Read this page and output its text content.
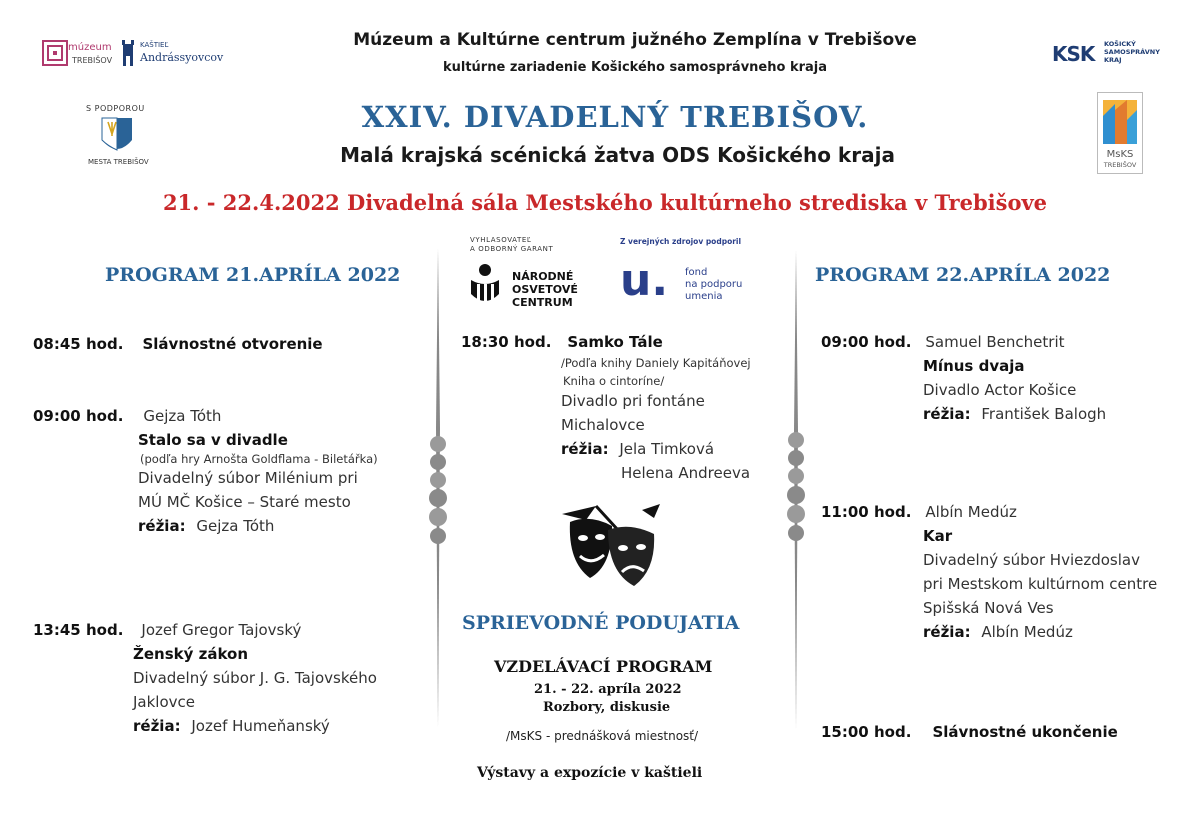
múzeum
TREBIŠOV
KAŠTIEĽ
Andrássyovcov
S PODPOROU
MESTA TREBIŠOV
Múzeum a Kultúrne centrum južného Zemplína v Trebišove
kultúrne zariadenie Košického samosprávneho kraja
XXIV. DIVADELNÝ TREBIŠOV.
Malá krajská scénická žatva ODS Košického kraja
21. - 22.4.2022 Divadelná sála Mestského kultúrneho strediska v Trebišove
KSK KOŠICKÝ
SAMOSPRÁVNY
KRAJ
MsKS
TREBIŠOV
VYHLASOVATEĽ
A ODBORNÝ GARANT
NÁRODNÉ
OSVETOVÉ
CENTRUM
Z verejných zdrojov podporil
u. fond
na podporu
umenia
PROGRAM 21.APRÍLA 2022
08:45 hod. Slávnostné otvorenie
09:00 hod. Gejza Tóth
Stalo sa v divadle
(podľa hry Arnošta Goldflama - Biletářka)
Divadelný súbor Milénium pri
MÚ MČ Košice – Staré mesto
réžia: Gejza Tóth
13:45 hod. Jozef Gregor Tajovský
Ženský zákon
Divadelný súbor J. G. Tajovského
Jaklovce
réžia: Jozef Humeňanský
18:30 hod. Samko Tále
/Podľa knihy Daniely Kapitáňovej
Kniha o cintoríne/
Divadlo pri fontáne
Michalovce
réžia: Jela Timková
Helena Andreeva
SPRIEVODNÉ PODUJATIA
VZDELÁVACÍ PROGRAM
21. - 22. apríla 2022
Rozbory, diskusie
/MsKS - prednášková miestnosť/
Výstavy a expozície v kaštieli
PROGRAM 22.APRÍLA 2022
09:00 hod. Samuel Benchetrit
Mínus dvaja
Divadlo Actor Košice
réžia: František Balogh
11:00 hod. Albín Medúz
Kar
Divadelný súbor Hviezdoslav
pri Mestskom kultúrnom centre
Spišská Nová Ves
réžia: Albín Medúz
15:00 hod. Slávnostné ukončenie
